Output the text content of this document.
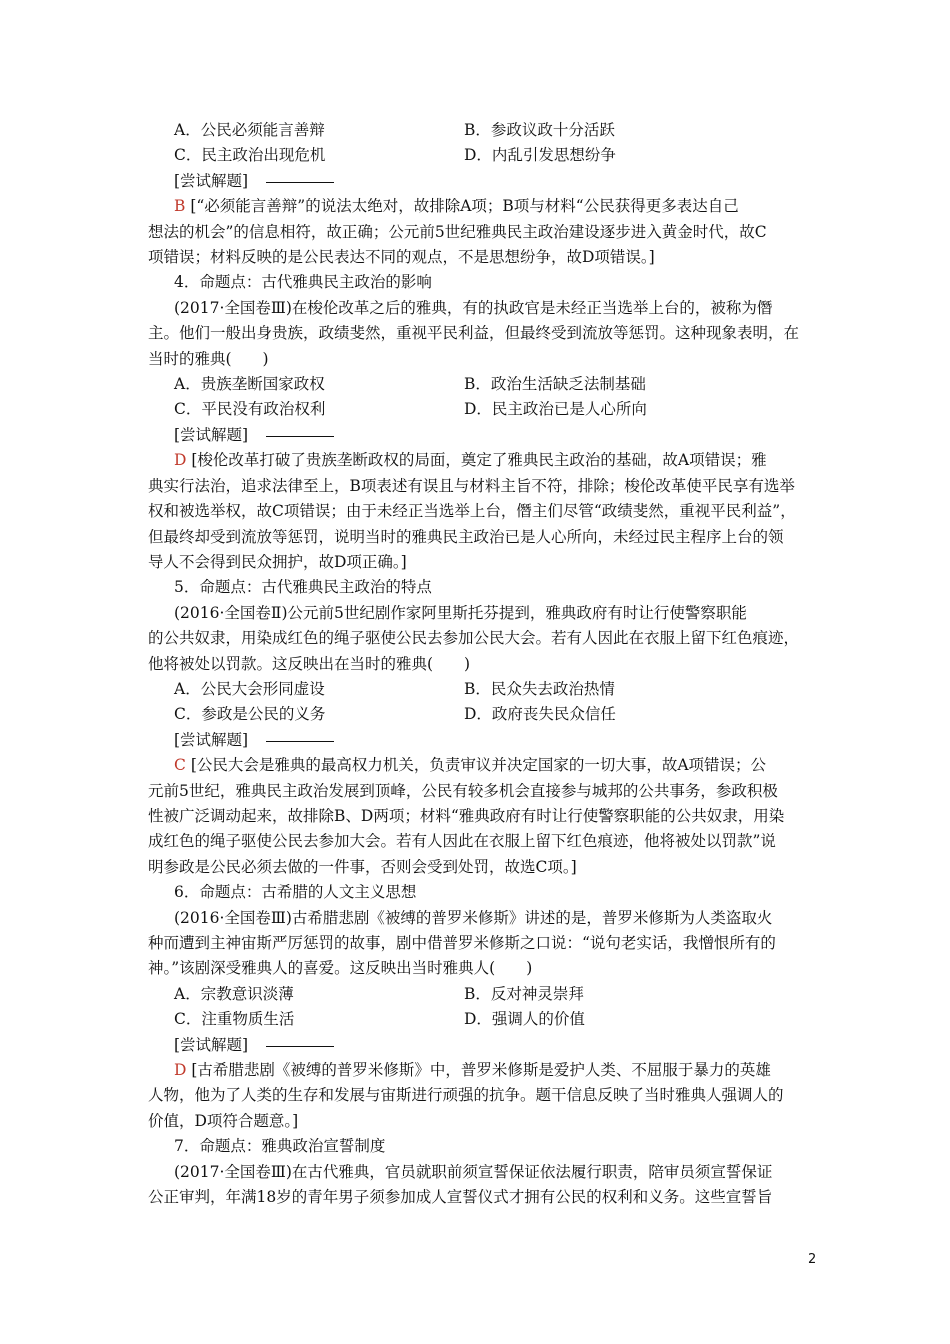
A．公民必须能言善辩	B．参政议政十分活跃
C．民主政治出现危机	D．内乱引发思想纷争
[尝试解题]
B [“必须能言善辩”的说法太绝对，故排除A项；B项与材料“公民获得更多表达自己
想法的机会”的信息相符，故正确；公元前5世纪雅典民主政治建设逐步进入黄金时代，故C
项错误；材料反映的是公民表达不同的观点，不是思想纷争，故D项错误。]
4．命题点：古代雅典民主政治的影响
(2017·全国卷Ⅲ)在梭伦改革之后的雅典，有的执政官是未经正当选举上台的，被称为僭
主。他们一般出身贵族，政绩斐然，重视平民利益，但最终受到流放等惩罚。这种现象表明，在
当时的雅典(　　)
A．贵族垄断国家政权	B．政治生活缺乏法制基础
C．平民没有政治权利	D．民主政治已是人心所向
[尝试解题]
D [梭伦改革打破了贵族垄断政权的局面，奠定了雅典民主政治的基础，故A项错误；雅
典实行法治，追求法律至上，B项表述有误且与材料主旨不符，排除；梭伦改革使平民享有选举
权和被选举权，故C项错误；由于未经正当选举上台，僭主们尽管“政绩斐然，重视平民利益”，
但最终却受到流放等惩罚，说明当时的雅典民主政治已是人心所向，未经过民主程序上台的领
导人不会得到民众拥护，故D项正确。]
5．命题点：古代雅典民主政治的特点
(2016·全国卷Ⅱ)公元前5世纪剧作家阿里斯托芬提到，雅典政府有时让行使警察职能
的公共奴隶，用染成红色的绳子驱使公民去参加公民大会。若有人因此在衣服上留下红色痕迹，
他将被处以罚款。这反映出在当时的雅典(　　)
A．公民大会形同虚设	B．民众失去政治热情
C．参政是公民的义务	D．政府丧失民众信任
[尝试解题]
C [公民大会是雅典的最高权力机关，负责审议并决定国家的一切大事，故A项错误；公
元前5世纪，雅典民主政治发展到顶峰，公民有较多机会直接参与城邦的公共事务，参政积极
性被广泛调动起来，故排除B、D两项；材料“雅典政府有时让行使警察职能的公共奴隶，用染
成红色的绳子驱使公民去参加大会。若有人因此在衣服上留下红色痕迹，他将被处以罚款”说
明参政是公民必须去做的一件事，否则会受到处罚，故选C项。]
6．命题点：古希腊的人文主义思想
(2016·全国卷Ⅲ)古希腊悲剧《被缚的普罗米修斯》讲述的是，普罗米修斯为人类盗取火
种而遭到主神宙斯严厉惩罚的故事，剧中借普罗米修斯之口说：“说句老实话，我憎恨所有的
神。”该剧深受雅典人的喜爱。这反映出当时雅典人(　　)
A．宗教意识淡薄	B．反对神灵崇拜
C．注重物质生活	D．强调人的价值
[尝试解题]
D [古希腊悲剧《被缚的普罗米修斯》中，普罗米修斯是爱护人类、不屈服于暴力的英雄
人物，他为了人类的生存和发展与宙斯进行顽强的抗争。题干信息反映了当时雅典人强调人的
价值，D项符合题意。]
7．命题点：雅典政治宣誓制度
(2017·全国卷Ⅲ)在古代雅典，官员就职前须宣誓保证依法履行职责，陪审员须宣誓保证
公正审判，年满18岁的青年男子须参加成人宣誓仪式才拥有公民的权利和义务。这些宣誓旨
2
